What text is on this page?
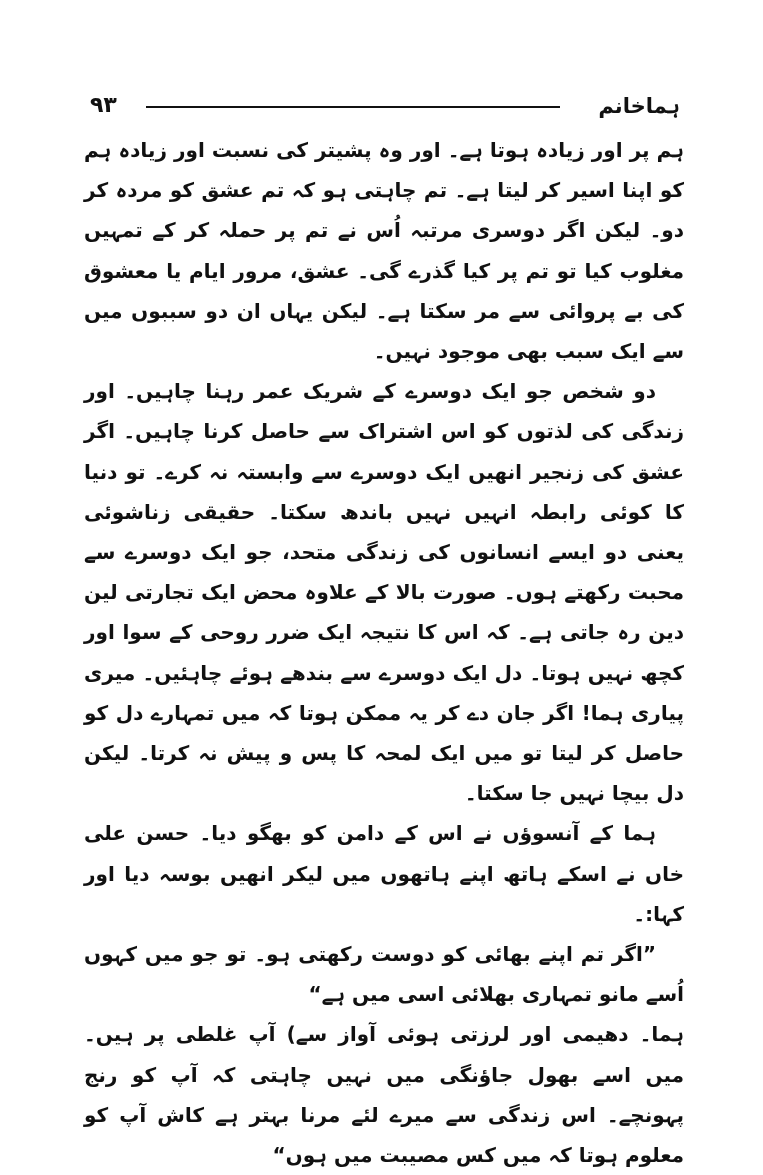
۹۳	ہماخانم

ہم پر اور زیادہ ہوتا ہے۔ اور وہ پشیتر کی نسبت اور زیادہ ہم کو اپنا اسیر کر لیتا ہے۔ تم چاہتی ہو کہ تم عشق کو مردہ کر دو۔ لیکن اگر دوسری مرتبہ اُس نے تم پر حملہ کر کے تمہیں مغلوب کیا تو تم پر کیا گذرے گی۔ عشق، مرور ایام یا معشوق کی بے پروائی سے مر سکتا ہے۔ لیکن یہاں ان دو سببوں میں سے ایک سبب بھی موجود نہیں۔

دو شخص جو ایک دوسرے کے شریک عمر رہنا چاہیں۔ اور زندگی کی لذتوں کو اس اشتراک سے حاصل کرنا چاہیں۔ اگر عشق کی زنجیر انھیں ایک دوسرے سے وابستہ نہ کرے۔ تو دنیا کا کوئی رابطہ انہیں نہیں باندھ سکتا۔ حقیقی زناشوئی یعنی دو ایسے انسانوں کی زندگی متحد، جو ایک دوسرے سے محبت رکھتے ہوں۔ صورت بالا کے علاوہ محض ایک تجارتی لین دین رہ جاتی ہے۔ کہ اس کا نتیجہ ایک ضرر روحی کے سوا اور کچھ نہیں ہوتا۔ دل ایک دوسرے سے بندھے ہوئے چاہئیں۔ میری پیاری ہما! اگر جان دے کر یہ ممکن ہوتا کہ میں تمہارے دل کو حاصل کر لیتا تو میں ایک لمحہ کا پس و پیش نہ کرتا۔ لیکن دل بیچا نہیں جا سکتا۔

ہما کے آنسوؤں نے اس کے دامن کو بھگو دیا۔ حسن علی خاں نے اسکے ہاتھ اپنے ہاتھوں میں لیکر انھیں بوسہ دیا اور کہا:۔

”اگر تم اپنے بھائی کو دوست رکھتی ہو۔ تو جو میں کہوں اُسے مانو تمہاری بھلائی اسی میں ہے“

ہما۔ دھیمی اور لرزتی ہوئی آواز سے) آپ غلطی پر ہیں۔ میں اسے بھول جاؤنگی میں نہیں چاہتی کہ آپ کو رنج پہونچے۔ اس زندگی سے میرے لئے مرنا بہتر ہے کاش آپ کو معلوم ہوتا کہ میں کس مصیبت میں ہوں“
